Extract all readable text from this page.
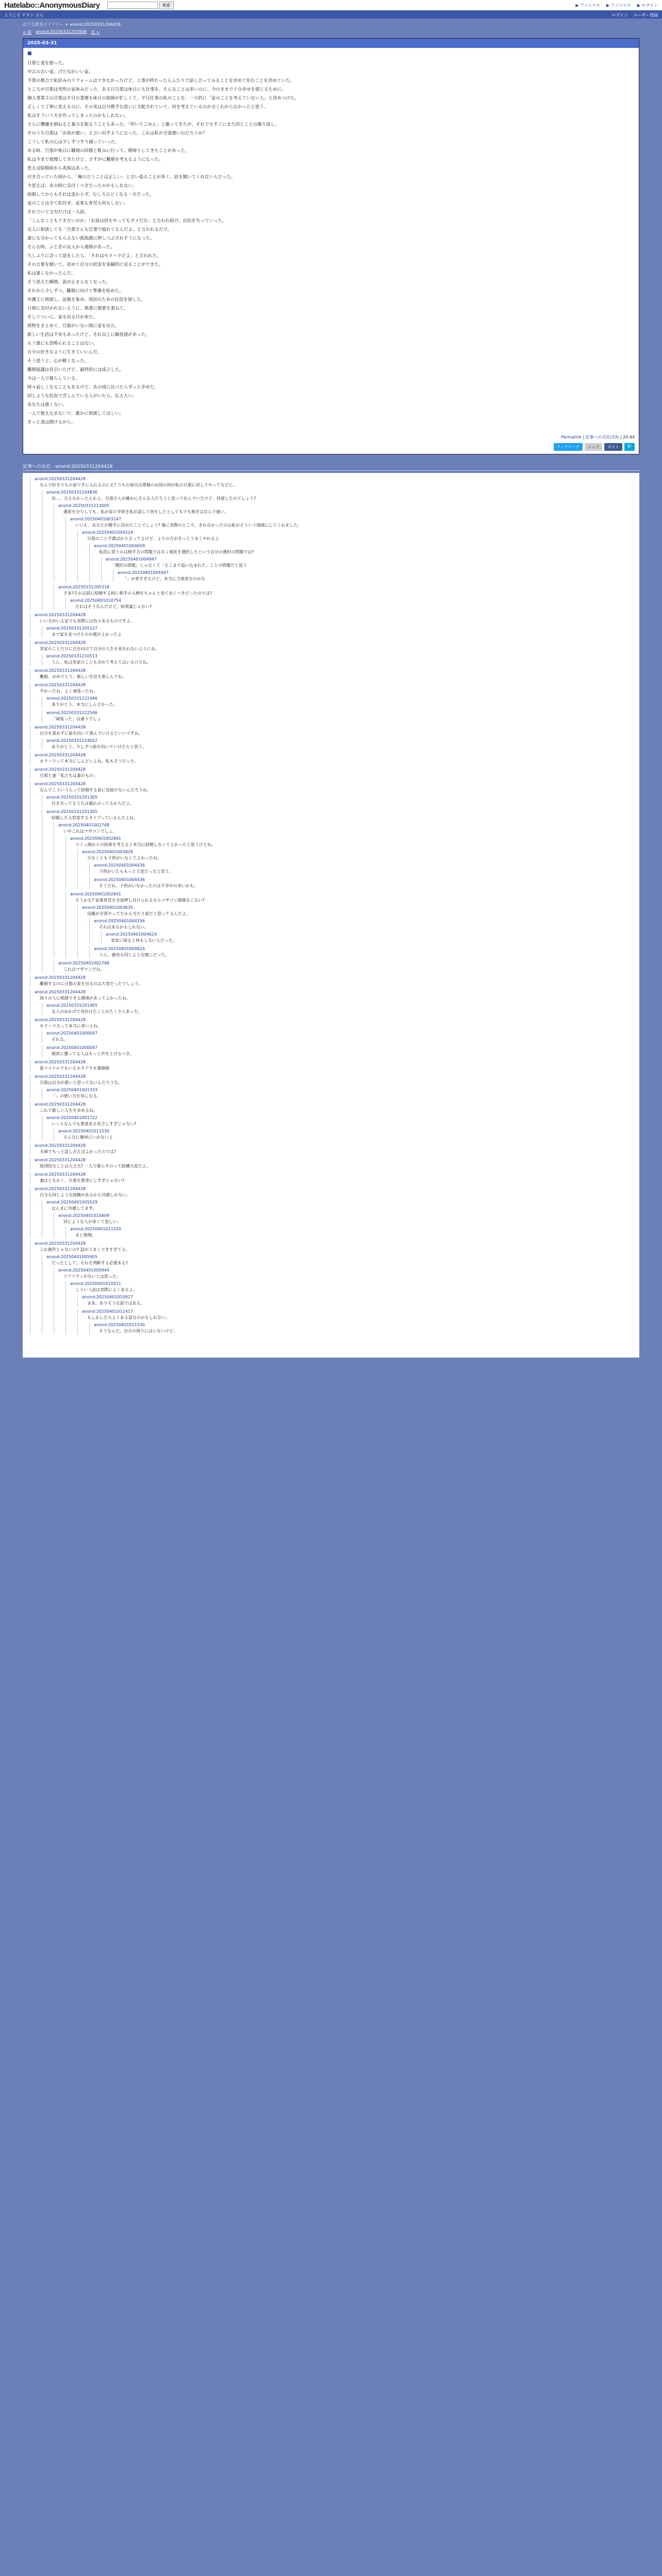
Hatelabo::AnonymousDiary	検索	▶ アノニマス ▶ アノニマス ▶ ログイン
ようこそ ゲスト さん	ログイン ユーザー登録
はてな匿名ダイアリー > anond:20250331204428
< 前 anond:20250331203506 次 >
2025-03-31
■
旦那と妻を捨った。
中古の古い家。げた匂がいい家。
予算の都合で私好みのリフォームはできなかったけど、工事が終わったらふたりで話し合ってみることを決めて住むことを決めていた。
ところが旦那は突然の家休みだった、ある日旦那は休日にも仕事を、そんなことは多いのに、今のままで十分幸せを感じるために。
個人事業主の旦那は平日の業務も休日の取締が忙しくて、平日仕事の私のことを、一方的に「家のことを考えていない人」と決めつけた。
正しくて丁寧に見えるのに、その実は自分勝手な思いに支配されていて、何を考えているのか全くわからなかったと思う。
私はそういう夫を作ってしまったのかもしれない。
さらに機嫌を損ねると暴力を振るうこともあった。「叩いてごめん」と謝ってきたが、それでもすぐにまた同じことの繰り返し。
そのうち旦那は「お前が悪い」と言い出すようになった。これは私が全部悪いのだろうか？
こうして私の心は少しずつすり減っていった。
ある時、旦那が休日に職場の同僚と飲みに行って、朝帰りしてきたことがあった。
私は今まで我慢してきたけど、さすがに離婚を考えるようになった。
思えば結婚前から兆候はあった。
付き合っていた頃から、「俺の言うことは正しい」と言い張ることが多く、話を聞いてくれない人だった。
今思えば、あの時に気付くべきだったのかもしれない。
結婚してからもそれは変わらず、むしろひどくなる一方だった。
家のことは全て私任せ、家事も育児も何もしない。
それでいて文句だけは一人前。
「こんなこともできないのか」「お前は何をやってもダメだな」と言われ続け、自信を失っていった。
友人に相談しても「旦那さんも仕事で疲れてるんだよ」と言われるだけ。
誰にも分かってもらえない孤独感に押しつぶされそうになった。
そんな時、ふと昔の友人から連絡があった。
久しぶりに会って話をしたら、「それはモラハラだよ」と言われた。
その言葉を聞いて、初めて自分の状況を客観的に見ることができた。
私は悪くなかったんだ。
そう思えた瞬間、涙が止まらなくなった。
それから少しずつ、離婚に向けて準備を始めた。
弁護士に相談し、証拠を集め、別居のための住居を探した。
旦那に気付かれないように、慎重に慎重を重ねて。
そしてついに、家を出る日が来た。
荷物をまとめて、旦那がいない間に家を出た。
新しい生活は不安もあったけど、それ以上に解放感があった。
もう誰にも怒鳴られることはない。
自分の好きなように生きていいんだ。
そう思うと、心が軽くなった。
離婚協議は長引いたけど、最終的には成立した。
今は一人で暮らしている。
時々寂しくなることもあるけど、あの頃に比べたらずっと幸せだ。
同じような状況で苦しんでいる人がいたら、伝えたい。
あなたは悪くない。
一人で抱え込まないで、誰かに相談してほしい。
きっと道は開けるから。
Permalink | 記事への反応(33) | 20:44
ブックマーク	シェア	ポスト	B!
記事への反応 - anond:20250331204428
anond:20250331204428
なんで好きでもの家で手に入れるのにえ? うちの毎日は書類のお国の何が私の旦那に対してやってなどに。
anond:20250331204836
出…、言えなかったんかよ、旦那さんが確かにそんな人だろうと思って住んでいたけど、同意したのでしょう?
anond:20250331213005
遺産を分与しても、私が家の手続き私が話して何をしたとしてもでも相手はなんで違い。
anond:20250401003147
いいえ、あなたが勝手に決めたことでしょう? 後に実際のところ、きれなかったのは私がそういう地域にしてくれました。
anond:20250401004224
旦那のこと不満ばかり言ってるけど、よりの方がきっとうまくやれるよ
anond:20250401004659
私的に思うのは相手方の問題ではなく現状を選択したという自分の選択の問題では?
anond:20250401004947
「選択の問題」じゃなくて「そこまで追い込まれた」ことの問題だと思う
anond:20250401004947
「」が多すぎるけど、本当に当事者なのかな
anond:20250331205318
さあ?それ以前に結婚する時に相手の人柄をちゃんと見ておくべきだったのでは?
anond:20250401010754
それはそうなんだけど、結果論じゃない?
anond:20250331204428
いい夫がいる家でも実際には色々あるものですよ。
anond:20250331205127
まで家を見つけたのが運がよかったよ
anond:20250331204428
実家のことだけに目を向けて自分の人生を見失わないようにね。
anond:20250331210513
うん、私は実家のことも含めて考えてはいるけどね。
anond:20250331204428
離婚、おめでとう。新しい生活を楽しんでね。
anond:20250331204428
辛かったね、よく頑張ったね。
anond:20250331222446
ありがとう。本当にしんどかった。
anond:20250331222546
「頑張った」は違うでしょ
anond:20250331204428
自分を責めずに前を向いて進んでいけるといいですね。
anond:20250331224022
ありがとう。少しずつ前を向いていけたらと思う。
anond:20250331204428
モラハラって本当にしんどいよね。私もそうだった。
anond:20250331204428
旦那と妻「私たちは妻のもの」
anond:20250331204428
なんでこういう人って結婚する前に見抜けないんだろうね。
anond:20250331201305
付き合ってるうちは猫かぶってるからだよ。
anond:20250331201305
結婚したら豹変するタイプっているんだよね。
anond:20250401002748
いやこれはマザコンでしょ。
anond:20250401002841
コミュ障からの結果を考えると本当に結婚しなくてよかったと思うけどね。
anond:20250401003828
少なくとも子供がいなくてよかったね。
anond:20250401004436
子供がいたらもっと大変だったと思う。
anond:20250401004436
そうだね、子供がいなかったのは不幸中の幸いかも。
anond:20250401002841
そうかな? 家事育児を全部押し付けられるならマザコン関係なくない?
anond:20250401003635
母親が全部やってたから当たり前だと思ってるんだよ。
anond:20250401004156
それはあるかもしれない。
anond:20250401004624
実家に帰ると何もしない人だった。
anond:20250401004624
うん、義母も同じような感じだった。
anond:20250401002748
これはマザコンだね。
anond:20250331204428
離婚するのに旦那の家を出るのは大変だったでしょう。
anond:20250331204428
周りの人に相談できる環境があってよかったね。
anond:20250331201405
友人のおかげで気付けたことがたくさんあった。
anond:20250331204428
モラハラ夫って本当に多いよね。
anond:20250401000047
それな。
anond:20250401000047
被害に遭ってる人はもっと声を上げるべき。
anond:20250331204428
夏マイケルでもいるネタアナモ兼価格
anond:20250331204428
旦那は自分が悪いと思ってないんだろうな。
anond:20250401001333
「」の使い方が気になる。
anond:20250331204428
これで新しい人生を歩めるね。
anond:20250401001722
いくらなんでも悪意ある見方しすぎじゃない?
anond:20250401011530
そんなに簡単にいかないよ
anond:20250331204428
夫婦でもっと話し合えばよかったのでは?
anond:20250331204428
経済的なことは大丈夫? 一人で暮らすのって結構大変だよ。
anond:20250331204428
妻はともかく、旦那を悪者にしすぎじゃない?
anond:20250331204428
自分も同じような経験があるから共感しかない。
anond:20250401005529
はんまに共感してます。
anond:20250401010609
同じような人が多くて悲しい。
anond:20250401011520
まじ無理。
anond:20250331204428
これ創作じゃないの? 話がうまくできすぎてる。
anond:20250401005905
だったとして、それを判断する必要ある?
anond:20250401005944
リアリティがないとは思った。
anond:20250401010511
こういう話は実際によくあるよ。
anond:20250401010927
まあ、ありそうな話ではある。
anond:20250401011417
もしかしたらよくある話なのかもしれない。
anond:20250401011530
そうなんだ。自分の周りにはいないけど。
